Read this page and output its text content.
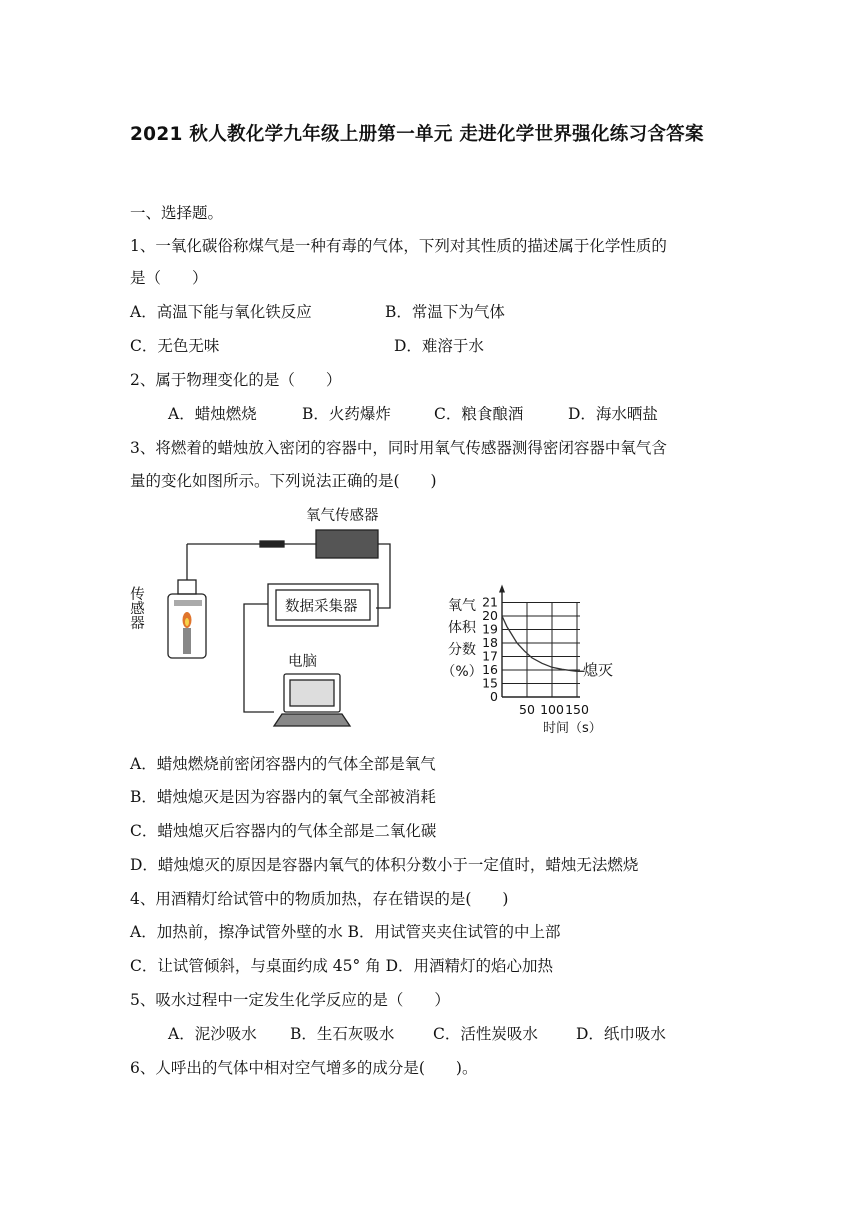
2021 秋人教化学九年级上册第一单元 走进化学世界强化练习含答案
一、选择题。
1、一氧化碳俗称煤气是一种有毒的气体，下列对其性质的描述属于化学性质的
是（　　）
A．高温下能与氧化铁反应	B．常温下为气体
C．无色无味	D．难溶于水
2、属于物理变化的是（　　）
A．蜡烛燃烧	B．火药爆炸	C．粮食酿酒	D．海水晒盐
3、将燃着的蜡烛放入密闭的容器中，同时用氧气传感器测得密闭容器中氧气含
量的变化如图所示。下列说法正确的是(　　)
氧气传感器
数据采集器
电脑
传感器	21
20
19
18
17
16
15
50 100 150
氧气
体积
分数
（%）
0
时间（s）
熄灭
A．蜡烛燃烧前密闭容器内的气体全部是氧气
B．蜡烛熄灭是因为容器内的氧气全部被消耗
C．蜡烛熄灭后容器内的气体全部是二氧化碳
D．蜡烛熄灭的原因是容器内氧气的体积分数小于一定值时，蜡烛无法燃烧
4、用酒精灯给试管中的物质加热，存在错误的是(　　)
A．加热前，擦净试管外壁的水 B．用试管夹夹住试管的中上部
C．让试管倾斜，与桌面约成 45° 角 D．用酒精灯的焰心加热
5、吸水过程中一定发生化学反应的是（　　）
A．泥沙吸水 B．生石灰吸水 C．活性炭吸水 D．纸巾吸水
6、人呼出的气体中相对空气增多的成分是(　　)。
